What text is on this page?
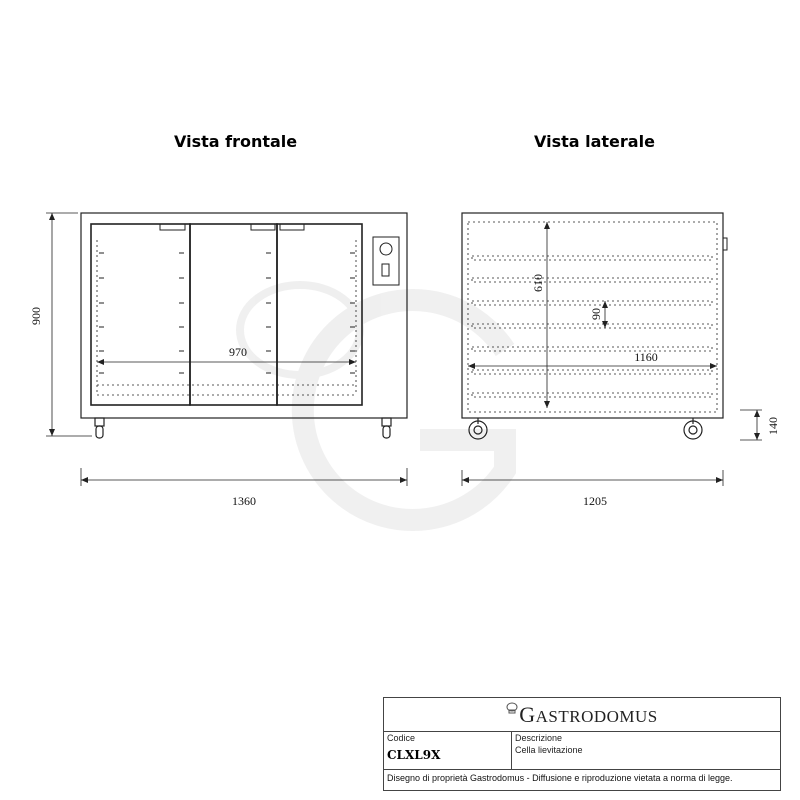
900
970
1360
610
90
1160
1205
140
Vista frontale	Vista laterale
GASTRODOMUS
Codice
CLXL9X
Descrizione
Cella lievitazione
Disegno di proprietà Gastrodomus - Diffusione e riproduzione vietata a norma di legge.
